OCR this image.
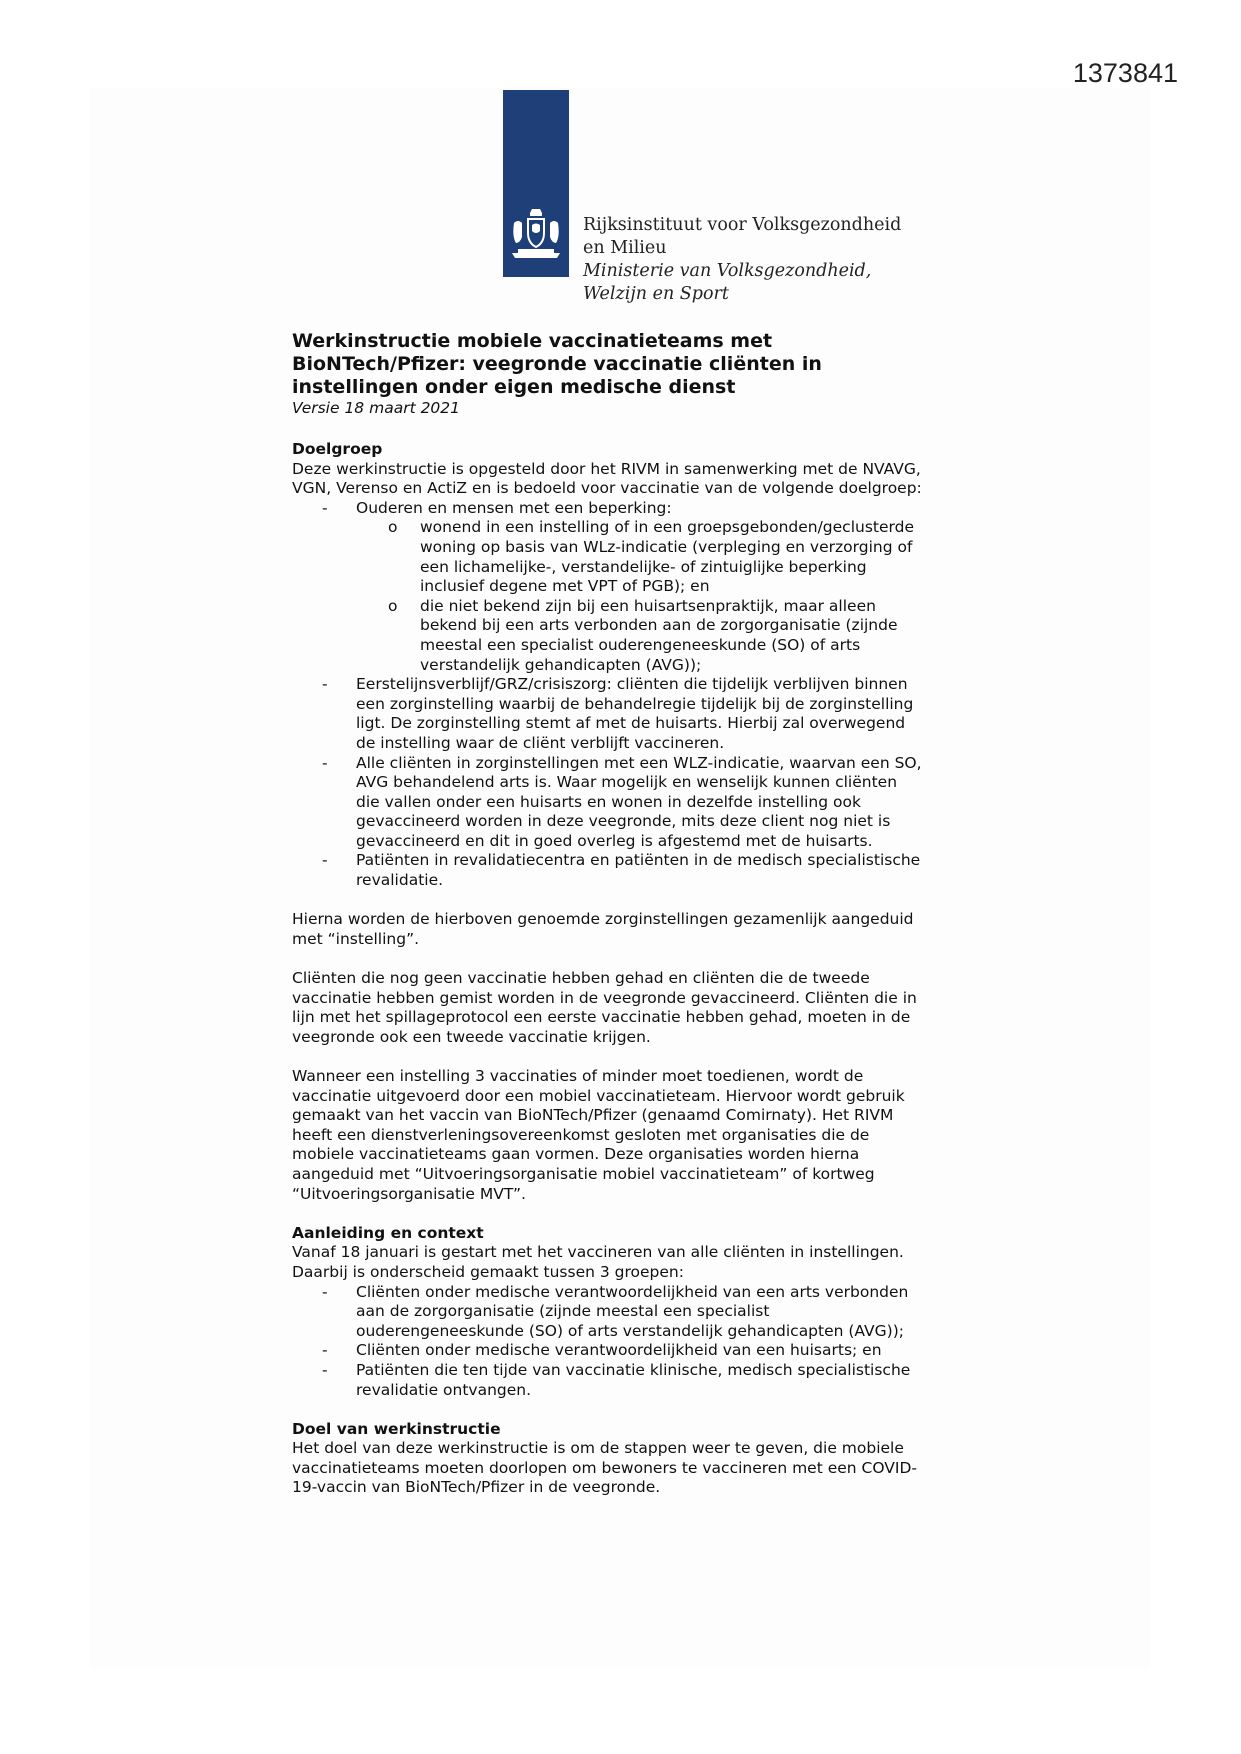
1373841
Rijksinstituut voor Volksgezondheid
en Milieu
Ministerie van Volksgezondheid,
Welzijn en Sport
Werkinstructie mobiele vaccinatieteams met
BioNTech/Pfizer: veegronde vaccinatie cliënten in
instellingen onder eigen medische dienst
Versie 18 maart 2021
Doelgroep
Deze werkinstructie is opgesteld door het RIVM in samenwerking met de NVAVG,
VGN, Verenso en ActiZ en is bedoeld voor vaccinatie van de volgende doelgroep:
- Ouderen en mensen met een beperking:
o wonend in een instelling of in een groepsgebonden/geclusterde
woning op basis van WLz-indicatie (verpleging en verzorging of
een lichamelijke-, verstandelijke- of zintuiglijke beperking
inclusief degene met VPT of PGB); en
o die niet bekend zijn bij een huisartsenpraktijk, maar alleen
bekend bij een arts verbonden aan de zorgorganisatie (zijnde
meestal een specialist ouderengeneeskunde (SO) of arts
verstandelijk gehandicapten (AVG));
- Eerstelijnsverblijf/GRZ/crisiszorg: cliënten die tijdelijk verblijven binnen
een zorginstelling waarbij de behandelregie tijdelijk bij de zorginstelling
ligt. De zorginstelling stemt af met de huisarts. Hierbij zal overwegend
de instelling waar de cliënt verblijft vaccineren.
- Alle cliënten in zorginstellingen met een WLZ-indicatie, waarvan een SO,
AVG behandelend arts is. Waar mogelijk en wenselijk kunnen cliënten
die vallen onder een huisarts en wonen in dezelfde instelling ook
gevaccineerd worden in deze veegronde, mits deze client nog niet is
gevaccineerd en dit in goed overleg is afgestemd met de huisarts.
- Patiënten in revalidatiecentra en patiënten in de medisch specialistische
revalidatie.
Hierna worden de hierboven genoemde zorginstellingen gezamenlijk aangeduid
met “instelling”.
Cliënten die nog geen vaccinatie hebben gehad en cliënten die de tweede
vaccinatie hebben gemist worden in de veegronde gevaccineerd. Cliënten die in
lijn met het spillageprotocol een eerste vaccinatie hebben gehad, moeten in de
veegronde ook een tweede vaccinatie krijgen.
Wanneer een instelling 3 vaccinaties of minder moet toedienen, wordt de
vaccinatie uitgevoerd door een mobiel vaccinatieteam. Hiervoor wordt gebruik
gemaakt van het vaccin van BioNTech/Pfizer (genaamd Comirnaty). Het RIVM
heeft een dienstverleningsovereenkomst gesloten met organisaties die de
mobiele vaccinatieteams gaan vormen. Deze organisaties worden hierna
aangeduid met “Uitvoeringsorganisatie mobiel vaccinatieteam” of kortweg
“Uitvoeringsorganisatie MVT”.
Aanleiding en context
Vanaf 18 januari is gestart met het vaccineren van alle cliënten in instellingen.
Daarbij is onderscheid gemaakt tussen 3 groepen:
- Cliënten onder medische verantwoordelijkheid van een arts verbonden
aan de zorgorganisatie (zijnde meestal een specialist
ouderengeneeskunde (SO) of arts verstandelijk gehandicapten (AVG));
- Cliënten onder medische verantwoordelijkheid van een huisarts; en
- Patiënten die ten tijde van vaccinatie klinische, medisch specialistische
revalidatie ontvangen.
Doel van werkinstructie
Het doel van deze werkinstructie is om de stappen weer te geven, die mobiele
vaccinatieteams moeten doorlopen om bewoners te vaccineren met een COVID-
19-vaccin van BioNTech/Pfizer in de veegronde.
